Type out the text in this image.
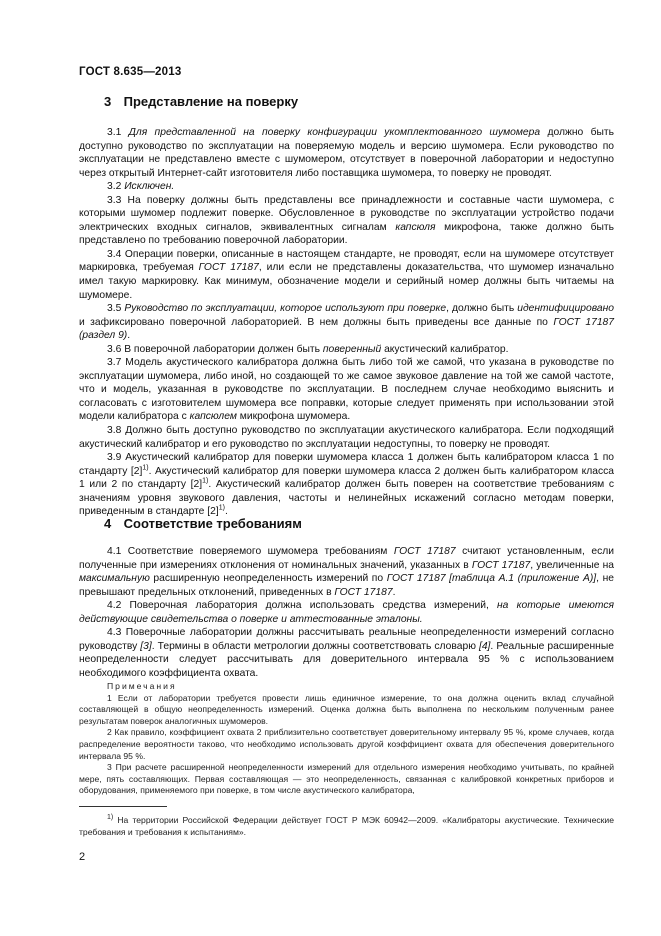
ГОСТ 8.635—2013
3 Представление на поверку

3.1 Для представленной на поверку конфигурации укомплектованного шумомера должно быть доступно руководство по эксплуатации на поверяемую модель и версию шумомера. Если руководство по эксплуатации не представлено вместе с шумомером, отсутствует в поверочной лаборатории и недоступно через открытый Интернет-сайт изготовителя либо поставщика шумомера, то поверку не проводят.

3.2 Исключен.

3.3 На поверку должны быть представлены все принадлежности и составные части шумомера, с которыми шумомер подлежит поверке. Обусловленное в руководстве по эксплуатации устройство подачи электрических входных сигналов, эквивалентных сигналам капсюля микрофона, также должно быть представлено по требованию поверочной лаборатории.

3.4 Операции поверки, описанные в настоящем стандарте, не проводят, если на шумомере отсутствует маркировка, требуемая ГОСТ 17187, или если не представлены доказательства, что шумомер изначально имел такую маркировку. Как минимум, обозначение модели и серийный номер должны быть читаемы на шумомере.

3.5 Руководство по эксплуатации, которое используют при поверке, должно быть идентифицировано и зафиксировано поверочной лабораторией. В нем должны быть приведены все данные по ГОСТ 17187 (раздел 9).

3.6 В поверочной лаборатории должен быть поверенный акустический калибратор.

3.7 Модель акустического калибратора должна быть либо той же самой, что указана в руководстве по эксплуатации шумомера, либо иной, но создающей то же самое звуковое давление на той же самой частоте, что и модель, указанная в руководстве по эксплуатации. В последнем случае необходимо выяснить и согласовать с изготовителем шумомера все поправки, которые следует применять при использовании этой модели калибратора с капсюлем микрофона шумомера.

3.8 Должно быть доступно руководство по эксплуатации акустического калибратора. Если подходящий акустический калибратор и его руководство по эксплуатации недоступны, то поверку не проводят.

3.9 Акустический калибратор для поверки шумомера класса 1 должен быть калибратором класса 1 по стандарту $[2]^{1)}$. Акустический калибратор для поверки шумомера класса 2 должен быть калибратором класса 1 или 2 по стандарту $[2]^{1)}$. Акустический калибратор должен быть поверен на соответствие требованиям с значениям уровня звукового давления, частоты и нелинейных искажений согласно методам поверки, приведенным в стандарте $[2]^{1)}$.

4 Соответствие требованиям

4.1 Соответствие поверяемого шумомера требованиям ГОСТ 17187 считают установленным, если полученные при измерениях отклонения от номинальных значений, указанных в ГОСТ 17187, увеличенные на максимальную расширенную неопределенность измерений по ГОСТ 17187 [таблица А.1 (приложение А)], не превышают предельных отклонений, приведенных в ГОСТ 17187.

4.2 Поверочная лаборатория должна использовать средства измерений, на которые имеются действующие свидетельства о поверке и аттестованные эталоны.

4.3 Поверочные лаборатории должны рассчитывать реальные неопределенности измерений согласно руководству [3]. Термины в области метрологии должны соответствовать словарю [4]. Реальные расширенные неопределенности следует рассчитывать для доверительного интервала 95 % с использованием необходимого коэффициента охвата.

Примечания

1 Если от лаборатории требуется провести лишь единичное измерение, то она должна оценить вклад случайной составляющей в общую неопределенность измерений. Оценка должна быть выполнена по нескольким полученным ранее результатам поверок аналогичных шумомеров.

2 Как правило, коэффициент охвата 2 приблизительно соответствует доверительному интервалу 95 %, кроме случаев, когда распределение вероятности таково, что необходимо использовать другой коэффициент охвата для обеспечения доверительного интервала 95 %.

3 При расчете расширенной неопределенности измерений для отдельного измерения необходимо учитывать, по крайней мере, пять составляющих. Первая составляющая — это неопределенность, связанная с калибровкой конкретных приборов и оборудования, применяемого при поверке, в том числе акустического калибратора,

$^{1)}$ На территории Российской Федерации действует ГОСТ Р МЭК 60942—2009. «Калибраторы акустические. Технические требования и требования к испытаниям».

2
